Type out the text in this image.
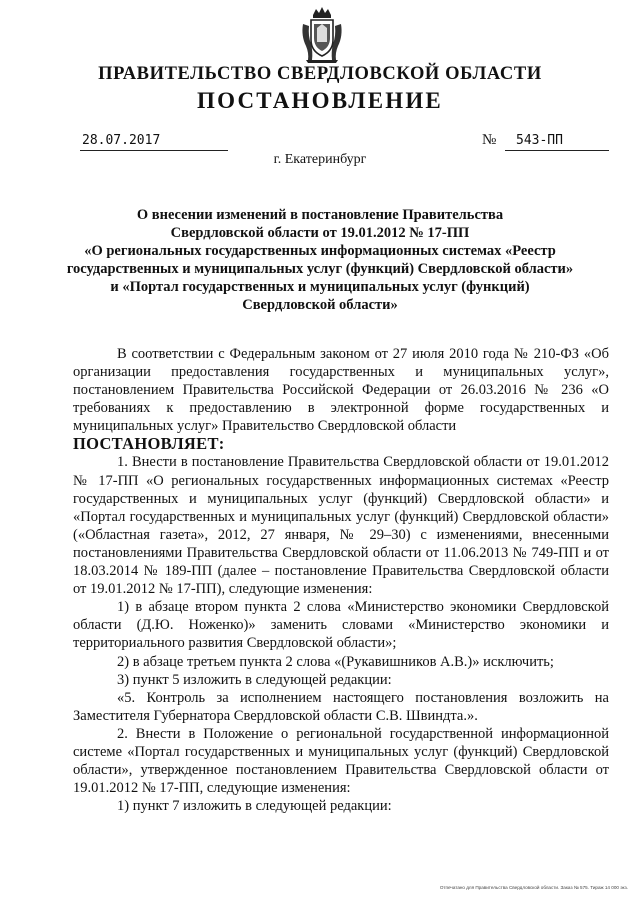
ПРАВИТЕЛЬСТВО СВЕРДЛОВСКОЙ ОБЛАСТИ
ПОСТАНОВЛЕНИЕ
28.07.2017	№ 543-ПП
г. Екатеринбург
О внесении изменений в постановление Правительства
Свердловской области от 19.01.2012 № 17-ПП
«О региональных государственных информационных системах «Реестр
государственных и муниципальных услуг (функций) Свердловской области»
и «Портал государственных и муниципальных услуг (функций)
Свердловской области»
В соответствии с Федеральным законом от 27 июля 2010 года № 210-ФЗ «Об организации предоставления государственных и муниципальных услуг», постановлением Правительства Российской Федерации от 26.03.2016 № 236 «О требованиях к предоставлению в электронной форме государственных и муниципальных услуг» Правительство Свердловской области
ПОСТАНОВЛЯЕТ:
1. Внести в постановление Правительства Свердловской области от 19.01.2012 № 17-ПП «О региональных государственных информационных системах «Реестр государственных и муниципальных услуг (функций) Свердловской области» и «Портал государственных и муниципальных услуг (функций) Свердловской области» («Областная газета», 2012, 27 января, № 29–30) с изменениями, внесенными постановлениями Правительства Свердловской области от 11.06.2013 № 749-ПП и от 18.03.2014 № 189-ПП (далее – постановление Правительства Свердловской области от 19.01.2012 № 17-ПП), следующие изменения:
1) в абзаце втором пункта 2 слова «Министерство экономики Свердловской области (Д.Ю. Ноженко)» заменить словами «Министерство экономики и территориального развития Свердловской области»;
2) в абзаце третьем пункта 2 слова «(Рукавишников А.В.)» исключить;
3) пункт 5 изложить в следующей редакции:
«5. Контроль за исполнением настоящего постановления возложить на Заместителя Губернатора Свердловской области С.В. Швиндта.».
2. Внести в Положение о региональной государственной информационной системе «Портал государственных и муниципальных услуг (функций) Свердловской области», утвержденное постановлением Правительства Свердловской области от 19.01.2012 № 17-ПП, следующие изменения:
1) пункт 7 изложить в следующей редакции:
Отпечатано для Правительства Свердловской области. Заказ № 575. Тираж 14 000 экз.
